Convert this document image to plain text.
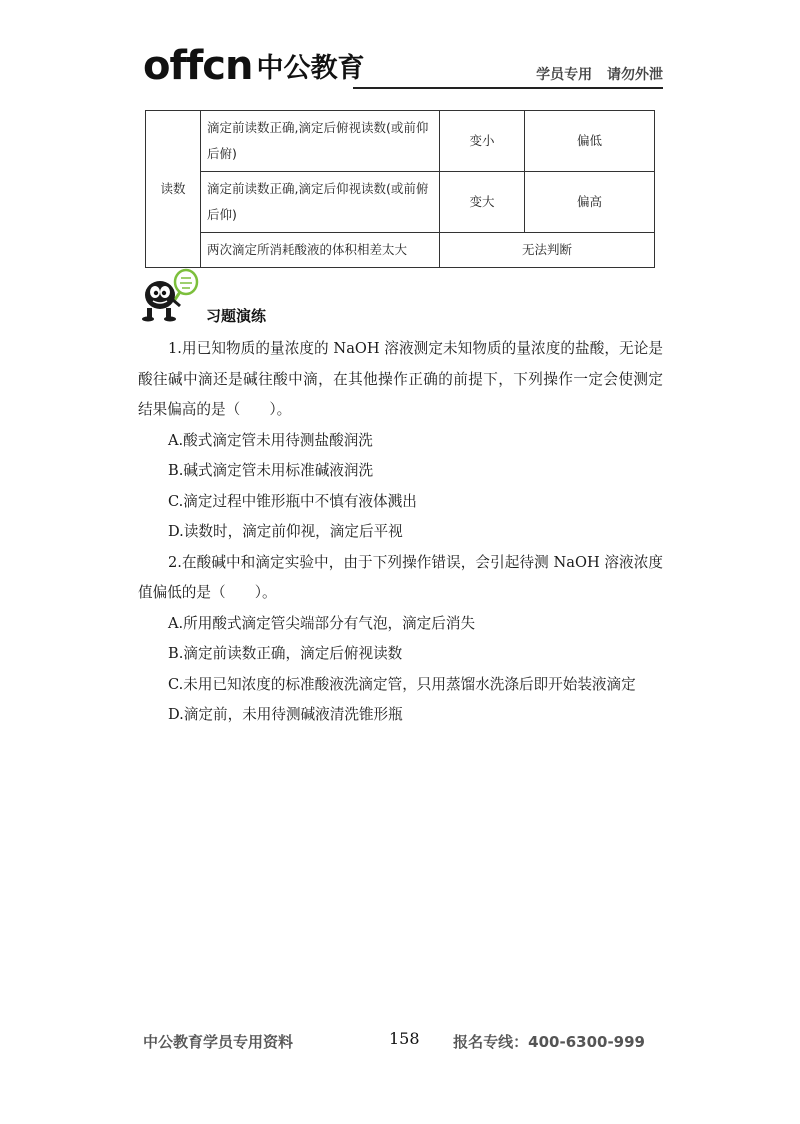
offcn 中公教育	学员专用 请勿外泄
读数	滴定前读数正确,滴定后俯视读数(或前仰后俯)	变小	偏低
	滴定前读数正确,滴定后仰视读数(或前俯后仰)	变大	偏高
	两次滴定所消耗酸液的体积相差太大	无法判断	
习题演练

1.用已知物质的量浓度的 NaOH 溶液测定未知物质的量浓度的盐酸，无论是酸往碱中滴还是碱往酸中滴，在其他操作正确的前提下，下列操作一定会使测定结果偏高的是（　　）。

A.酸式滴定管未用待测盐酸润洗

B.碱式滴定管未用标准碱液润洗

C.滴定过程中锥形瓶中不慎有液体溅出

D.读数时，滴定前仰视，滴定后平视

2.在酸碱中和滴定实验中，由于下列操作错误，会引起待测 NaOH 溶液浓度值偏低的是（　　）。

A.所用酸式滴定管尖端部分有气泡，滴定后消失

B.滴定前读数正确，滴定后俯视读数

C.未用已知浓度的标准酸液洗滴定管，只用蒸馏水洗涤后即开始装液滴定

D.滴定前，未用待测碱液清洗锥形瓶

中公教育学员专用资料	158 报名专线：400-6300-999
